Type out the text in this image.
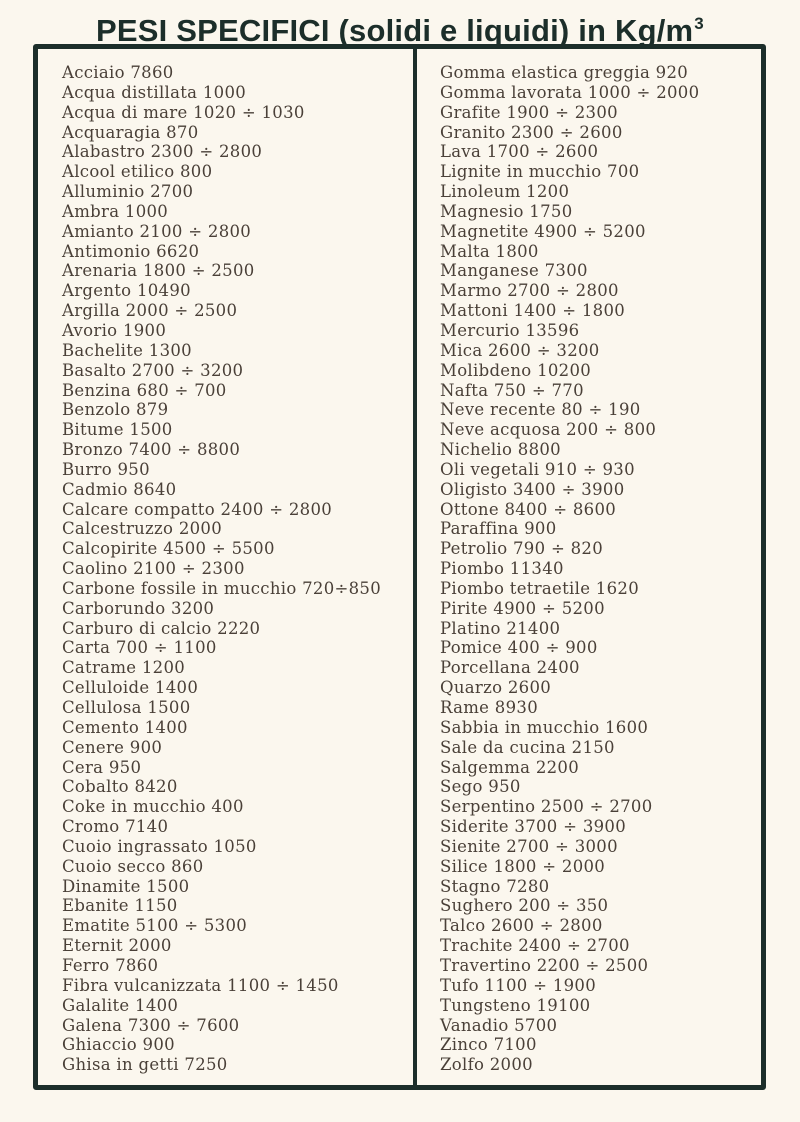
PESI SPECIFICI (solidi e liquidi) in $Kg/m^3$
Acciaio 7860
Acqua distillata 1000
Acqua di mare 1020 ÷ 1030
Acquaragia 870
Alabastro 2300 ÷ 2800
Alcool etilico 800
Alluminio 2700
Ambra 1000
Amianto 2100 ÷ 2800
Antimonio 6620
Arenaria 1800 ÷ 2500
Argento 10490
Argilla 2000 ÷ 2500
Avorio 1900
Bachelite 1300
Basalto 2700 ÷ 3200
Benzina 680 ÷ 700
Benzolo 879
Bitume 1500
Bronzo 7400 ÷ 8800
Burro 950
Cadmio 8640
Calcare compatto 2400 ÷ 2800
Calcestruzzo 2000
Calcopirite 4500 ÷ 5500
Caolino 2100 ÷ 2300
Carbone fossile in mucchio 720÷850
Carborundo 3200
Carburo di calcio 2220
Carta 700 ÷ 1100
Catrame 1200
Celluloide 1400
Cellulosa 1500
Cemento 1400
Cenere 900
Cera 950
Cobalto 8420
Coke in mucchio 400
Cromo 7140
Cuoio ingrassato 1050
Cuoio secco 860
Dinamite 1500
Ebanite 1150
Ematite 5100 ÷ 5300
Eternit 2000
Ferro 7860
Fibra vulcanizzata 1100 ÷ 1450
Galalite 1400
Galena 7300 ÷ 7600
Ghiaccio 900
Ghisa in getti 7250
Gomma elastica greggia 920
Gomma lavorata 1000 ÷ 2000
Grafite 1900 ÷ 2300
Granito 2300 ÷ 2600
Lava 1700 ÷ 2600
Lignite in mucchio 700
Linoleum 1200
Magnesio 1750
Magnetite 4900 ÷ 5200
Malta 1800
Manganese 7300
Marmo 2700 ÷ 2800
Mattoni 1400 ÷ 1800
Mercurio 13596
Mica 2600 ÷ 3200
Molibdeno 10200
Nafta 750 ÷ 770
Neve recente 80 ÷ 190
Neve acquosa 200 ÷ 800
Nichelio 8800
Oli vegetali 910 ÷ 930
Oligisto 3400 ÷ 3900
Ottone 8400 ÷ 8600
Paraffina 900
Petrolio 790 ÷ 820
Piombo 11340
Piombo tetraetile 1620
Pirite 4900 ÷ 5200
Platino 21400
Pomice 400 ÷ 900
Porcellana 2400
Quarzo 2600
Rame 8930
Sabbia in mucchio 1600
Sale da cucina 2150
Salgemma 2200
Sego 950
Serpentino 2500 ÷ 2700
Siderite 3700 ÷ 3900
Sienite 2700 ÷ 3000
Silice 1800 ÷ 2000
Stagno 7280
Sughero 200 ÷ 350
Talco 2600 ÷ 2800
Trachite 2400 ÷ 2700
Travertino 2200 ÷ 2500
Tufo 1100 ÷ 1900
Tungsteno 19100
Vanadio 5700
Zinco 7100
Zolfo 2000
